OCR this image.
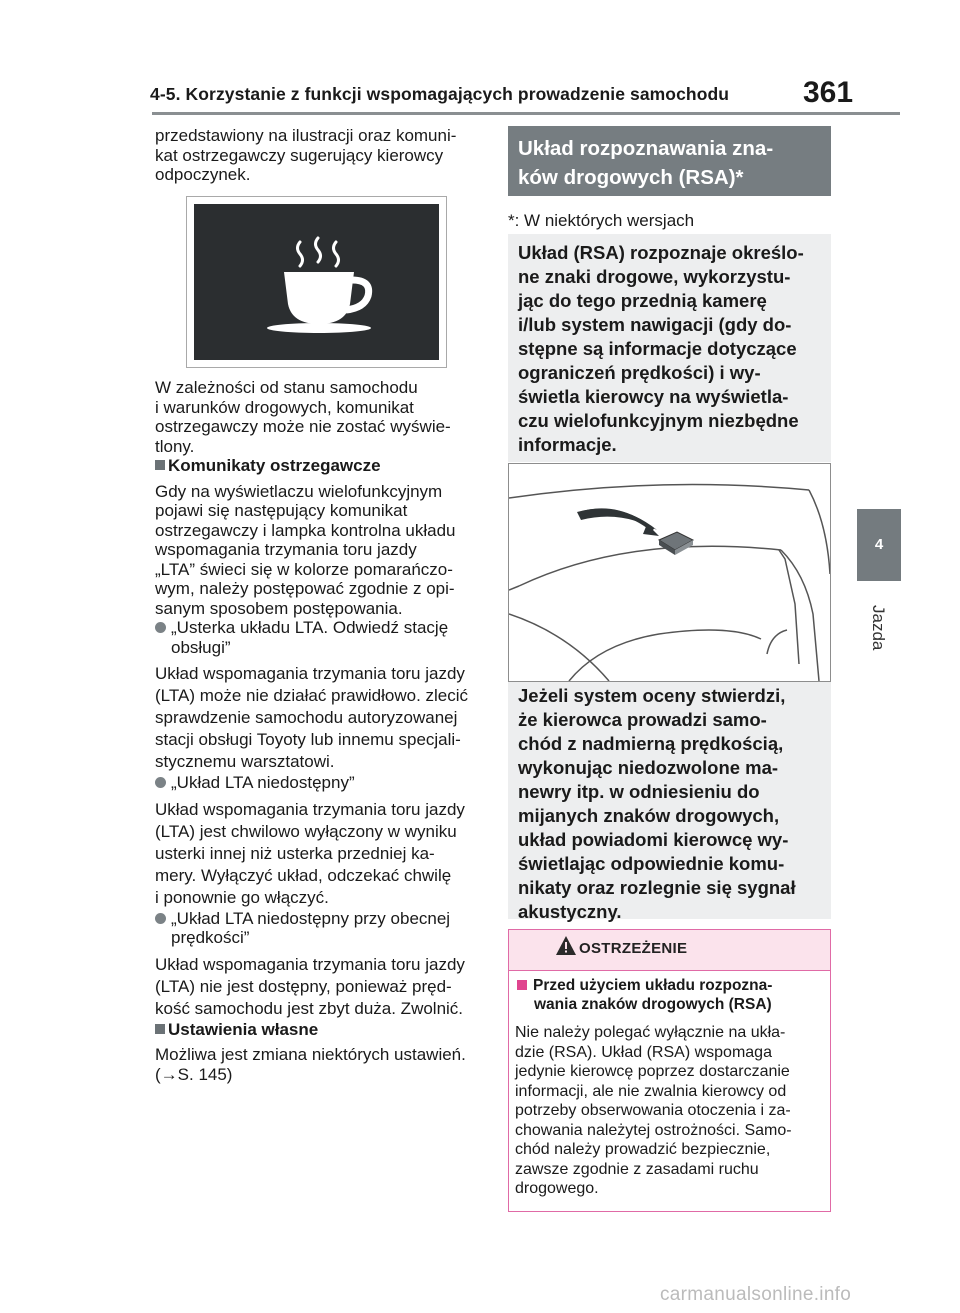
4-5. Korzystanie z funkcji wspomagających prowadzenie samochodu 361
4
Jazda

przedstawiony na ilustracji oraz komuni-
kat ostrzegawczy sugerujący kierowcy
odpoczynek.

W zależności od stanu samochodu
i warunków drogowych, komunikat
ostrzegawczy może nie zostać wyświe-
tlony.

Komunikaty ostrzegawcze

Gdy na wyświetlaczu wielofunkcyjnym
pojawi się następujący komunikat
ostrzegawczy i lampka kontrolna układu
wspomagania trzymania toru jazdy
„LTA” świeci się w kolorze pomarańczo-
wym, należy postępować zgodnie z opi-
sanym sposobem postępowania.

„Usterka układu LTA. Odwiedź stację
obsługi”

Układ wspomagania trzymania toru jazdy
(LTA) może nie działać prawidłowo. zlecić
sprawdzenie samochodu autoryzowanej
stacji obsługi Toyoty lub innemu specjali-
stycznemu warsztatowi.

„Układ LTA niedostępny”

Układ wspomagania trzymania toru jazdy
(LTA) jest chwilowo wyłączony w wyniku
usterki innej niż usterka przedniej ka-
mery. Wyłączyć układ, odczekać chwilę
i ponownie go włączyć.

„Układ LTA niedostępny przy obecnej
prędkości”

Układ wspomagania trzymania toru jazdy
(LTA) nie jest dostępny, ponieważ pręd-
kość samochodu jest zbyt duża. Zwolnić.

Ustawienia własne

Możliwa jest zmiana niektórych ustawień.
(→S. 145)

Układ rozpoznawania zna-
ków drogowych (RSA)*
*: W niektórych wersjach
Układ (RSA) rozpoznaje określo-
ne znaki drogowe, wykorzystu-
jąc do tego przednią kamerę
i/lub system nawigacji (gdy do-
stępne są informacje dotyczące
ograniczeń prędkości) i wy-
świetla kierowcy na wyświetla-
czu wielofunkcyjnym niezbędne
informacje.
Jeżeli system oceny stwierdzi,
że kierowca prowadzi samo-
chód z nadmierną prędkością,
wykonując niedozwolone ma-
newry itp. w odniesieniu do
mijanych znaków drogowych,
układ powiadomi kierowcę wy-
świetlając odpowiednie komu-
nikaty oraz rozlegnie się sygnał
akustyczny.
OSTRZEŻENIE
Przed użyciem układu rozpozna-
wania znaków drogowych (RSA)
Nie należy polegać wyłącznie na ukła-
dzie (RSA). Układ (RSA) wspomaga
jedynie kierowcę poprzez dostarczanie
informacji, ale nie zwalnia kierowcy od
potrzeby obserwowania otoczenia i za-
chowania należytej ostrożności. Samo-
chód należy prowadzić bezpiecznie,
zawsze zgodnie z zasadami ruchu
drogowego.
carmanualsonline.info
